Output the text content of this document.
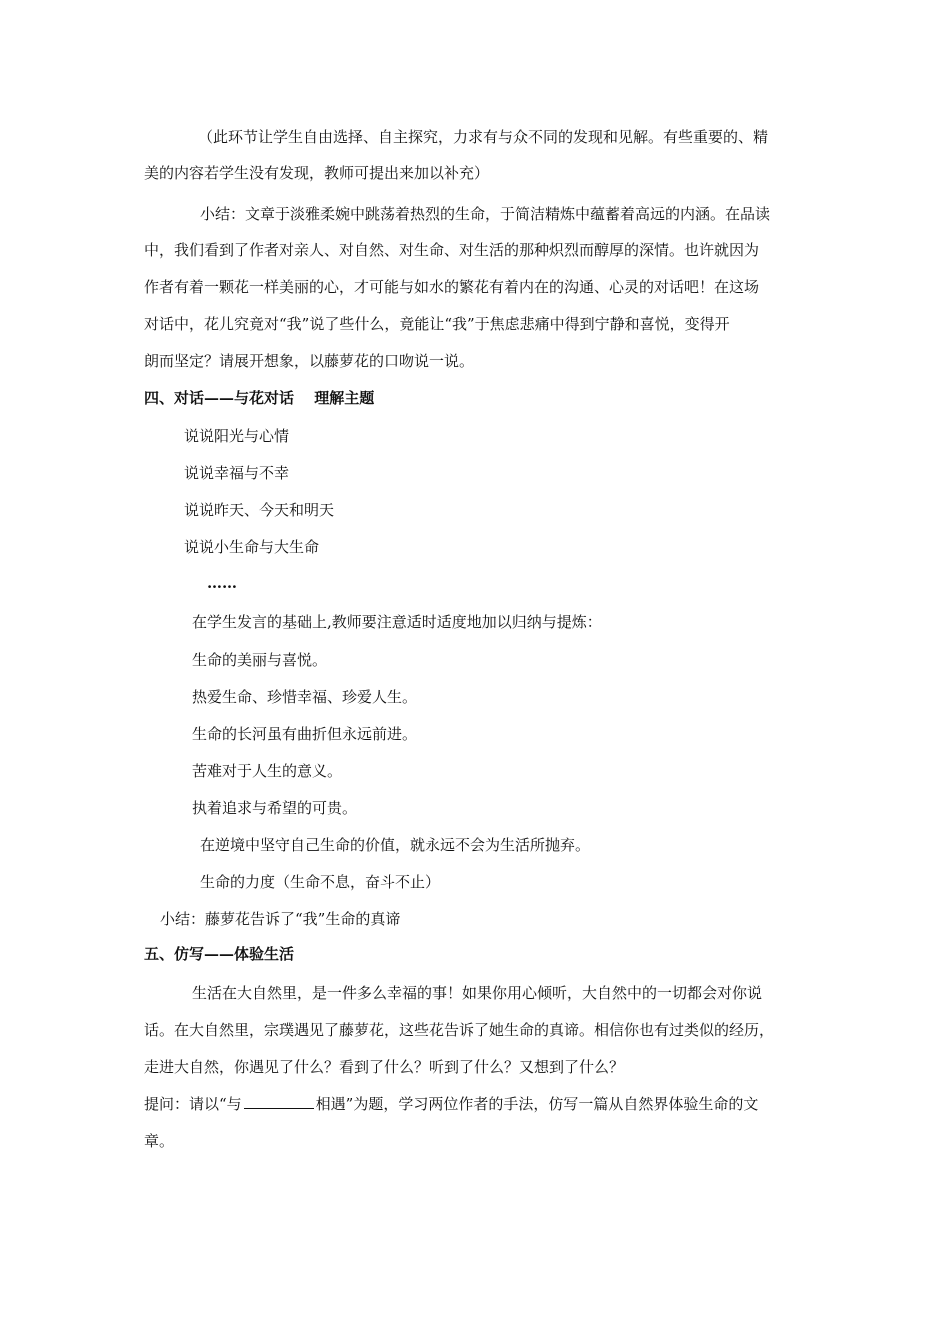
（此环节让学生自由选择、自主探究，力求有与众不同的发现和见解。有些重要的、精
美的内容若学生没有发现，教师可提出来加以补充）
小结：文章于淡雅柔婉中跳荡着热烈的生命，于简洁精炼中蕴蓄着高远的内涵。在品读
中，我们看到了作者对亲人、对自然、对生命、对生活的那种炽烈而醇厚的深情。也许就因为
作者有着一颗花一样美丽的心，才可能与如水的繁花有着内在的沟通、心灵的对话吧！在这场
对话中，花儿究竟对“我”说了些什么，竟能让“我”于焦虑悲痛中得到宁静和喜悦，变得开
朗而坚定？请展开想象，以藤萝花的口吻说一说。
四、对话——与花对话　 理解主题
说说阳光与心情
说说幸福与不幸
说说昨天、今天和明天
说说小生命与大生命
……
在学生发言的基础上,教师要注意适时适度地加以归纳与提炼：
生命的美丽与喜悦。
热爱生命、珍惜幸福、珍爱人生。
生命的长河虽有曲折但永远前进。
苦难对于人生的意义。
执着追求与希望的可贵。
在逆境中坚守自己生命的价值，就永远不会为生活所抛弃。
生命的力度（生命不息，奋斗不止）
小结：藤萝花告诉了“我”生命的真谛
五、仿写——体验生活
生活在大自然里，是一件多么幸福的事！如果你用心倾听，大自然中的一切都会对你说
话。在大自然里，宗璞遇见了藤萝花，这些花告诉了她生命的真谛。相信你也有过类似的经历，
走进大自然，你遇见了什么？看到了什么？听到了什么？又想到了什么？
提问：请以“与	相遇”为题，学习两位作者的手法，仿写一篇从自然界体验生命的文
章。
